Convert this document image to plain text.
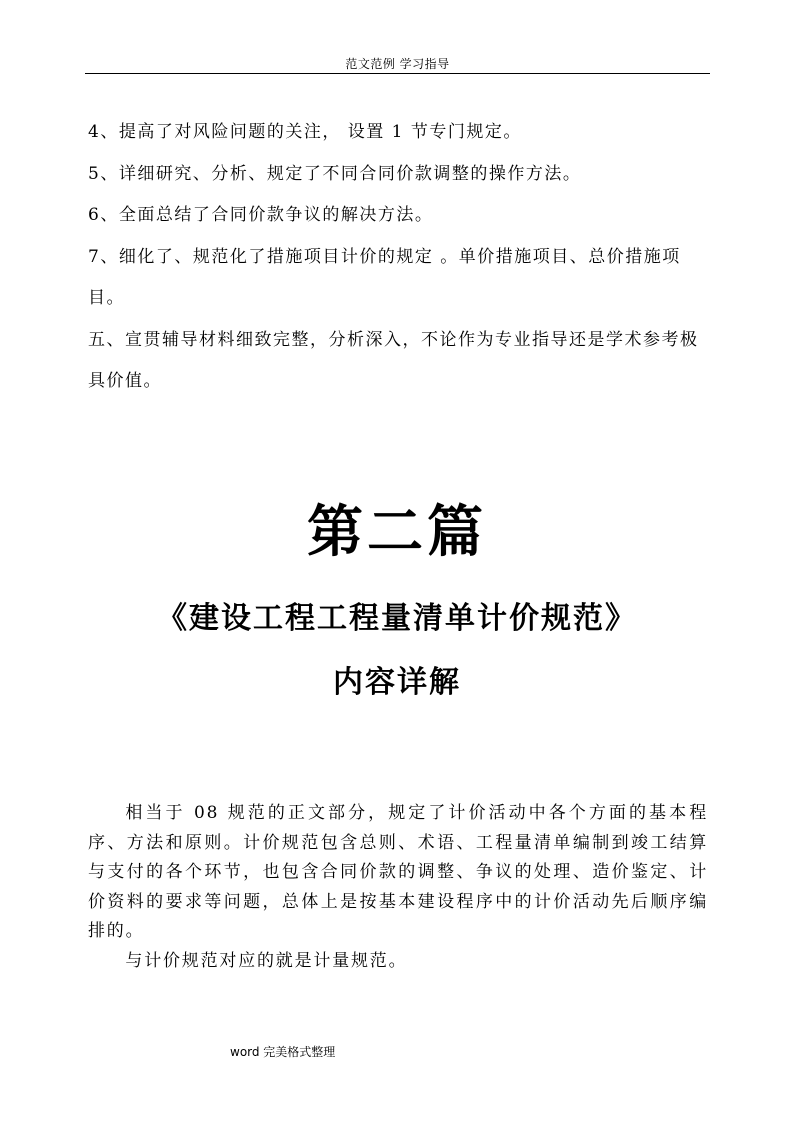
范文范例 学习指导

4、提高了对风险问题的关注， 设置 1 节专门规定。

5、详细研究、分析、规定了不同合同价款调整的操作方法。

6、全面总结了合同价款争议的解决方法。

7、细化了、规范化了措施项目计价的规定 。单价措施项目、总价措施项目。

五、宣贯辅导材料细致完整，分析深入，不论作为专业指导还是学术参考极具价值。

第二篇
《建设工程工程量清单计价规范》
内容详解

相当于 08 规范的正文部分，规定了计价活动中各个方面的基本程序、方法和原则。计价规范包含总则、术语、工程量清单编制到竣工结算与支付的各个环节，也包含合同价款的调整、争议的处理、造价鉴定、计价资料的要求等问题，总体上是按基本建设程序中的计价活动先后顺序编排的。

与计价规范对应的就是计量规范。

word 完美格式整理
